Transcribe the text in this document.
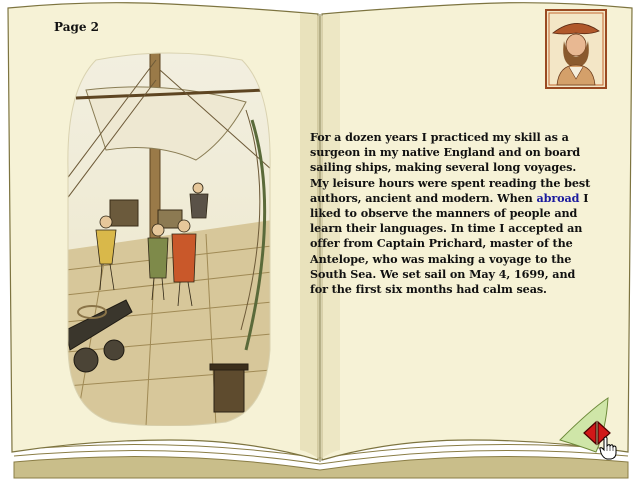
Page 2
For a dozen years I practiced my skill as a surgeon in my native England and on board sailing ships, making several long voyages. My leisure hours were spent reading the best authors, ancient and modern. When abroad I liked to observe the manners of people and learn their languages. In time I accepted an offer from Captain Prichard, master of the Antelope, who was making a voyage to the South Sea. We set sail on May 4, 1699, and for the first six months had calm seas.
